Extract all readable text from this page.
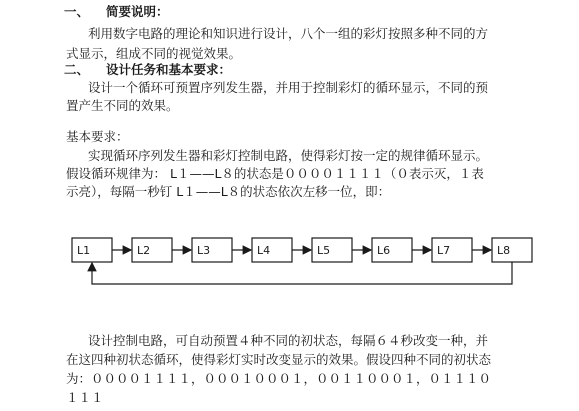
一、 简要说明：
利用数字电路的理论和知识进行设计，八个一组的彩灯按照多种不同的方
式显示，组成不同的视觉效果。
二、 设计任务和基本要求：
设计一个循环可预置序列发生器，并用于控制彩灯的循环显示，不同的预
置产生不同的效果。
基本要求：
实现循环序列发生器和彩灯控制电路，使得彩灯按一定的规律循环显示。
假设循环规律为： L１——L８的状态是００００１１１１（０表示灭，１表
示亮），每隔一秒钉 L１——L８的状态依次左移一位，即：
L1	L2	L3	L4	L5	L6	L7	L8
设计控制电路，可自动预置４种不同的初状态，每隔６４秒改变一种，并
在这四种初状态循环，使得彩灯实时改变显示的效果。假设四种不同的初状态
为：００００１１１１，０００１０００１，００１１０００１，０１１１０
１１１
